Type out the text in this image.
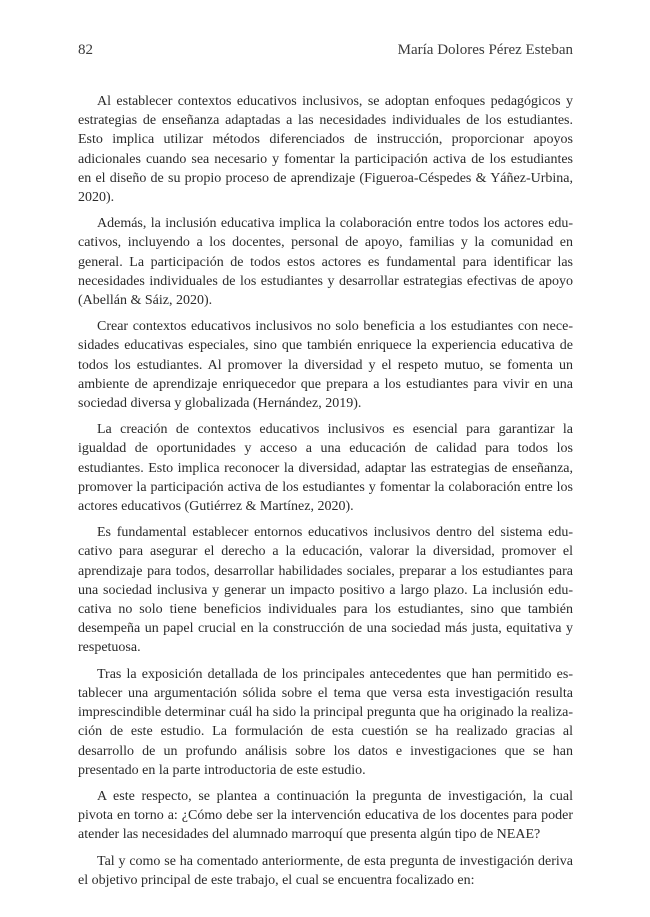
82	María Dolores Pérez Esteban

Al establecer contextos educativos inclusivos, se adoptan enfoques pedagógicos y estrategias de enseñanza adaptadas a las necesidades individuales de los estudiantes. Esto implica utilizar métodos diferenciados de instrucción, proporcionar apoyos adicionales cuando sea necesario y fomentar la participación activa de los estudiantes en el diseño de su propio proceso de aprendizaje (Figueroa-Céspedes & Yáñez-Urbina, 2020).

Además, la inclusión educativa implica la colaboración entre todos los actores educativos, incluyendo a los docentes, personal de apoyo, familias y la comunidad en general. La participación de todos estos actores es fundamental para identificar las necesidades individuales de los estudiantes y desarrollar estrategias efectivas de apoyo (Abellán & Sáiz, 2020).

Crear contextos educativos inclusivos no solo beneficia a los estudiantes con necesidades educativas especiales, sino que también enriquece la experiencia educativa de todos los estudiantes. Al promover la diversidad y el respeto mutuo, se fomenta un ambiente de aprendizaje enriquecedor que prepara a los estudiantes para vivir en una sociedad diversa y globalizada (Hernández, 2019).

La creación de contextos educativos inclusivos es esencial para garantizar la igualdad de oportunidades y acceso a una educación de calidad para todos los estudiantes. Esto implica reconocer la diversidad, adaptar las estrategias de enseñanza, promover la participación activa de los estudiantes y fomentar la colaboración entre los actores educativos (Gutiérrez & Martínez, 2020).

Es fundamental establecer entornos educativos inclusivos dentro del sistema educativo para asegurar el derecho a la educación, valorar la diversidad, promover el aprendizaje para todos, desarrollar habilidades sociales, preparar a los estudiantes para una sociedad inclusiva y generar un impacto positivo a largo plazo. La inclusión educativa no solo tiene beneficios individuales para los estudiantes, sino que también desempeña un papel crucial en la construcción de una sociedad más justa, equitativa y respetuosa.

Tras la exposición detallada de los principales antecedentes que han permitido establecer una argumentación sólida sobre el tema que versa esta investigación resulta imprescindible determinar cuál ha sido la principal pregunta que ha originado la realización de este estudio. La formulación de esta cuestión se ha realizado gracias al desarrollo de un profundo análisis sobre los datos e investigaciones que se han presentado en la parte introductoria de este estudio.

A este respecto, se plantea a continuación la pregunta de investigación, la cual pivota en torno a: ¿Cómo debe ser la intervención educativa de los docentes para poder atender las necesidades del alumnado marroquí que presenta algún tipo de NEAE?

Tal y como se ha comentado anteriormente, de esta pregunta de investigación deriva el objetivo principal de este trabajo, el cual se encuentra focalizado en:
